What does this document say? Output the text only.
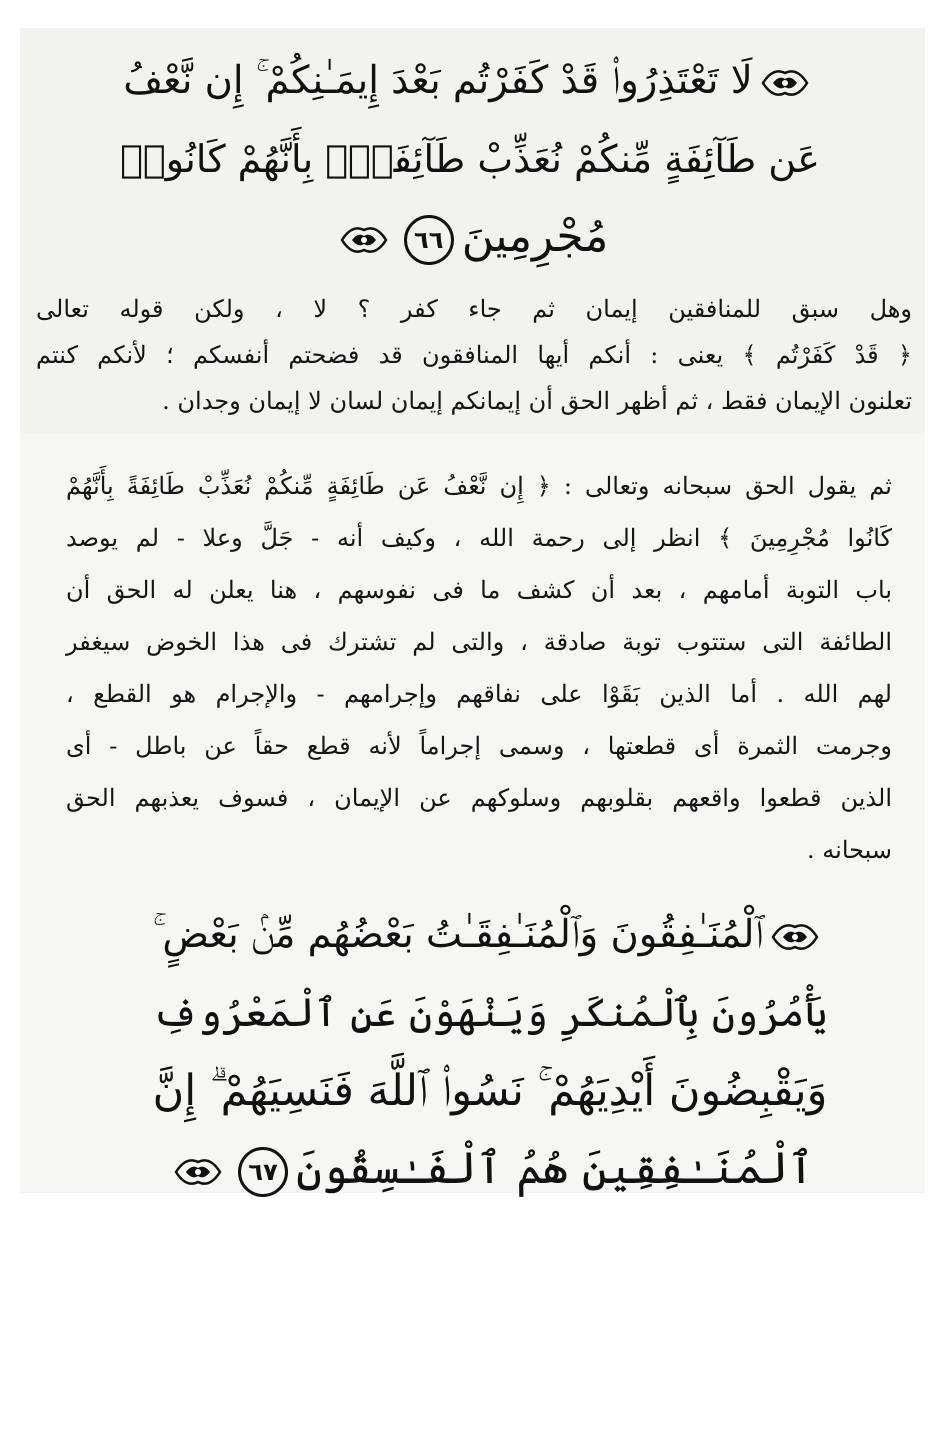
لَا تَعْتَذِرُوا۟ قَدْ كَفَرْتُم بَعْدَ إِيمَـٰنِكُمْ ۚ إِن نَّعْفُ
عَن طَآئِفَةٍ مِّنكُمْ نُعَذِّبْ طَآئِفَةًۢ بِأَنَّهُمْ كَانُوا۟
مُجْرِمِينَ٦٦
وهل سبق للمنافقين إيمان ثم جاء كفر ؟ لا ، ولكن قوله تعالى
﴿ قَدْ كَفَرْتُم ﴾ يعنى : أنكم أيها المنافقون قد فضحتم أنفسكم ؛ لأنكم كنتم
تعلنون الإيمان فقط ، ثم أظهر الحق أن إيمانكم إيمان لسان لا إيمان وجدان .
ثم يقول الحق سبحانه وتعالى : ﴿ إِن نَّعْفُ عَن طَائِفَةٍ مِّنكُمْ نُعَذِّبْ طَائِفَةً بِأَنَّهُمْ
كَانُوا مُجْرِمِينَ ﴾ انظر إلى رحمة الله ، وكيف أنه - جَلَّ وعلا - لم يوصد
باب التوبة أمامهم ، بعد أن كشف ما فى نفوسهم ، هنا يعلن له الحق أن
الطائفة التى ستتوب توبة صادقة ، والتى لم تشترك فى هذا الخوض سيغفر
لهم الله . أما الذين بَقَوْا على نفاقهم وإجرامهم - والإجرام هو القطع ،
وجرمت الثمرة أى قطعتها ، وسمى إجراماً لأنه قطع حقاً عن باطل - أى
الذين قطعوا واقعهم بقلوبهم وسلوكهم عن الإيمان ، فسوف يعذبهم الحق
سبحانه .
ٱلْمُنَـٰفِقُونَ وَٱلْمُنَـٰفِقَـٰتُ بَعْضُهُم مِّنۢ بَعْضٍ ۚ
يَأْمُرُونَ بِٱلْمُنكَرِ وَيَنْهَوْنَ عَنِ ٱلْمَعْرُوفِ
وَيَقْبِضُونَ أَيْدِيَهُمْ ۚ نَسُوا۟ ٱللَّهَ فَنَسِيَهُمْ ۗ إِنَّ
ٱلْمُنَـٰفِقِينَ هُمُ ٱلْفَـٰسِقُونَ٦٧
